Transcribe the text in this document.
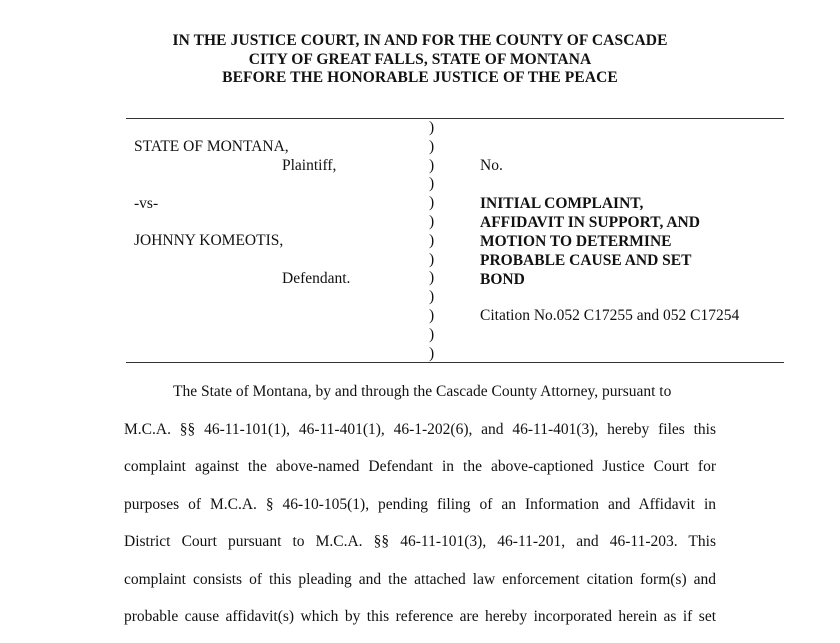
IN THE JUSTICE COURT, IN AND FOR THE COUNTY OF CASCADE
CITY OF GREAT FALLS, STATE OF MONTANA
BEFORE THE HONORABLE JUSTICE OF THE PEACE
STATE OF MONTANA,
Plaintiff,
-vs-
JOHNNY KOMEOTIS,
Defendant.
)
)
)
)
)
)
)
)
)
)
)
)
)
No.
INITIAL COMPLAINT,
AFFIDAVIT IN SUPPORT, AND
MOTION TO DETERMINE
PROBABLE CAUSE AND SET
BOND
Citation No.052 C17255 and 052 C17254
The State of Montana, by and through the Cascade County Attorney, pursuant to
M.C.A. §§ 46-11-101(1), 46-11-401(1), 46-1-202(6), and 46-11-401(3), hereby files this
complaint against the above-named Defendant in the above-captioned Justice Court for
purposes of M.C.A. § 46-10-105(1), pending filing of an Information and Affidavit in
District Court pursuant to M.C.A. §§ 46-11-101(3), 46-11-201, and 46-11-203. This
complaint consists of this pleading and the attached law enforcement citation form(s) and
probable cause affidavit(s) which by this reference are hereby incorporated herein as if set
